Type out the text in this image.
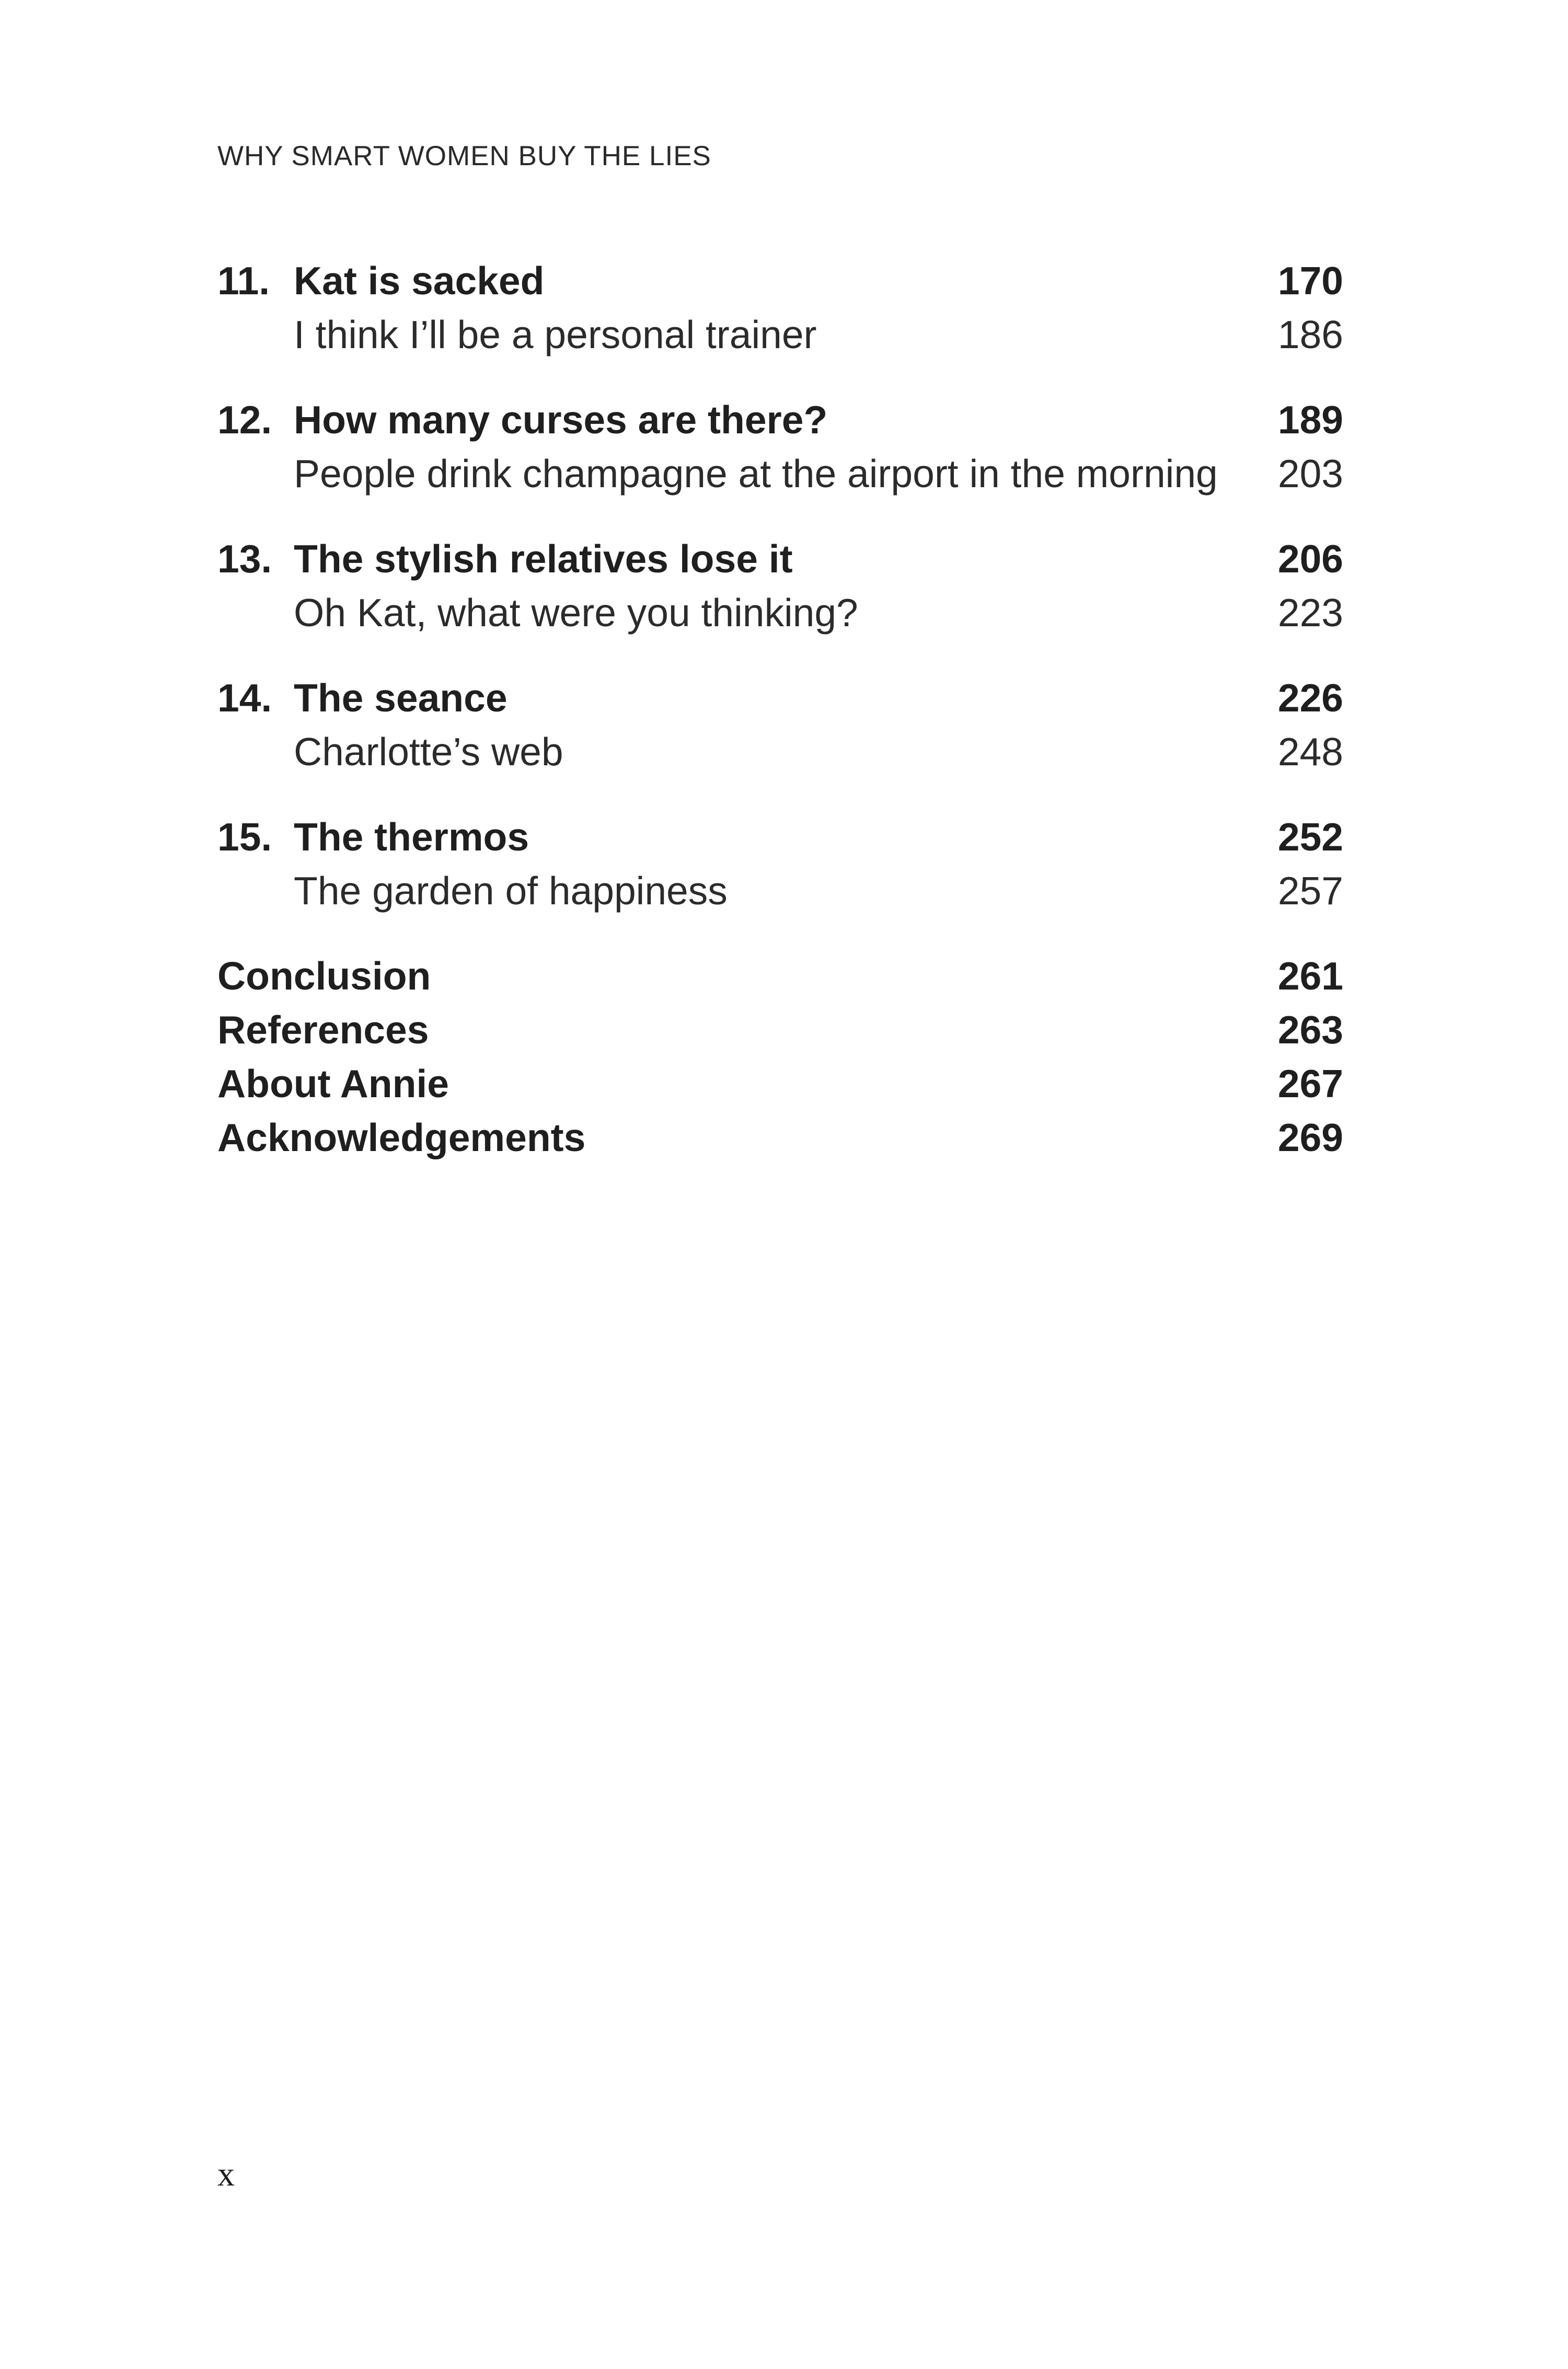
WHY SMART WOMEN BUY THE LIES
11. Kat is sacked	170
I think I’ll be a personal trainer	186
12. How many curses are there?	189
People drink champagne at the airport in the morning 203
13. The stylish relatives lose it	206
Oh Kat, what were you thinking?	223
14. The seance	226
Charlotte’s web	248
15. The thermos	252
The garden of happiness	257
Conclusion	261
References	263
About Annie	267
Acknowledgements	269
x
